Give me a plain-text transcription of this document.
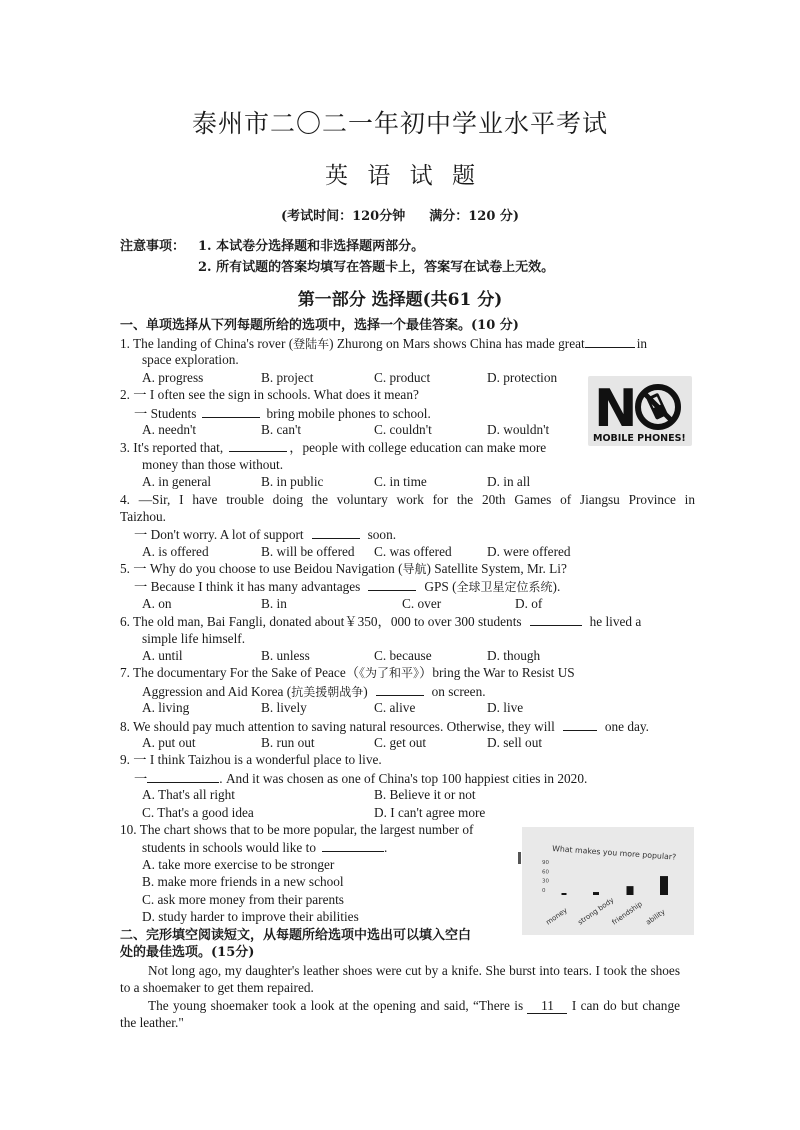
泰州市二〇二一年初中学业水平考试
英 语 试 题
(考试时间：120分钟 满分：120 分)
注意事项： 1. 本试卷分选择题和非选择题两部分。
2. 所有试题的答案均填写在答题卡上，答案写在试卷上无效。
第一部分 选择题(共61 分)
一、单项选择从下列每题所给的选项中，选择一个最佳答案。(10 分)
1. The landing of China's rover (登陆车) Zhurong on Mars shows China has made great	in
space exploration.
A. progress	B. project	C. product	D. protection
2. 一 I often see the sign in schools. What does it mean?
一 Students	bring mobile phones to school.
A. needn't	B. can't	C. couldn't	D. wouldn't
3. It's reported that,	，people with college education can make more
money than those without.
A. in general	B. in public	C. in time	D. in all
4. —Sir, I have trouble doing the voluntary work for the 20th Games of Jiangsu Province in
Taizhou.
一 Don't worry. A lot of support	soon.
A. is offered	B. will be offered C. was offered	D. were offered
5. 一 Why do you choose to use Beidou Navigation (导航) Satellite System, Mr. Li?
一 Because I think it has many advantages	GPS (全球卫星定位系统).
A. on	B. in	C. over	D. of
6. The old man, Bai Fangli, donated about￥350，000 to over 300 students	he lived a
simple life himself.
A. until	B. unless	C. because	D. though
7. The documentary For the Sake of Peace（《为了和平》）bring the War to Resist US
Aggression and Aid Korea (抗美援朝战争)	on screen.
A. living	B. lively	C. alive	D. live
8. We should pay much attention to saving natural resources. Otherwise, they will	one day.
A. put out	B. run out	C. get out	D. sell out
9. 一 I think Taizhou is a wonderful place to live.
一	. And it was chosen as one of China's top 100 happiest cities in 2020.
A. That's all right	B. Believe it or not
C. That's a good idea	D. I can't agree more
10. The chart shows that to be more popular, the largest number of
students in schools would like to	.
A. take more exercise to be stronger
B. make more friends in a new school
C. ask more money from their parents
D. study harder to improve their abilities
N
MOBILE PHONES!
What makes you more popular?
90
60
30
0
money strong body
friendship ability
二、完形填空阅读短文，从每题所给选项中选出可以填入空白
处的最佳选项。(15分)

Not long ago, my daughter's leather shoes were cut by a knife. She burst into tears. I took the shoes to a shoemaker to get them repaired.

The young shoemaker took a look at the opening and said, “There is 11 I can do but change the leather."
